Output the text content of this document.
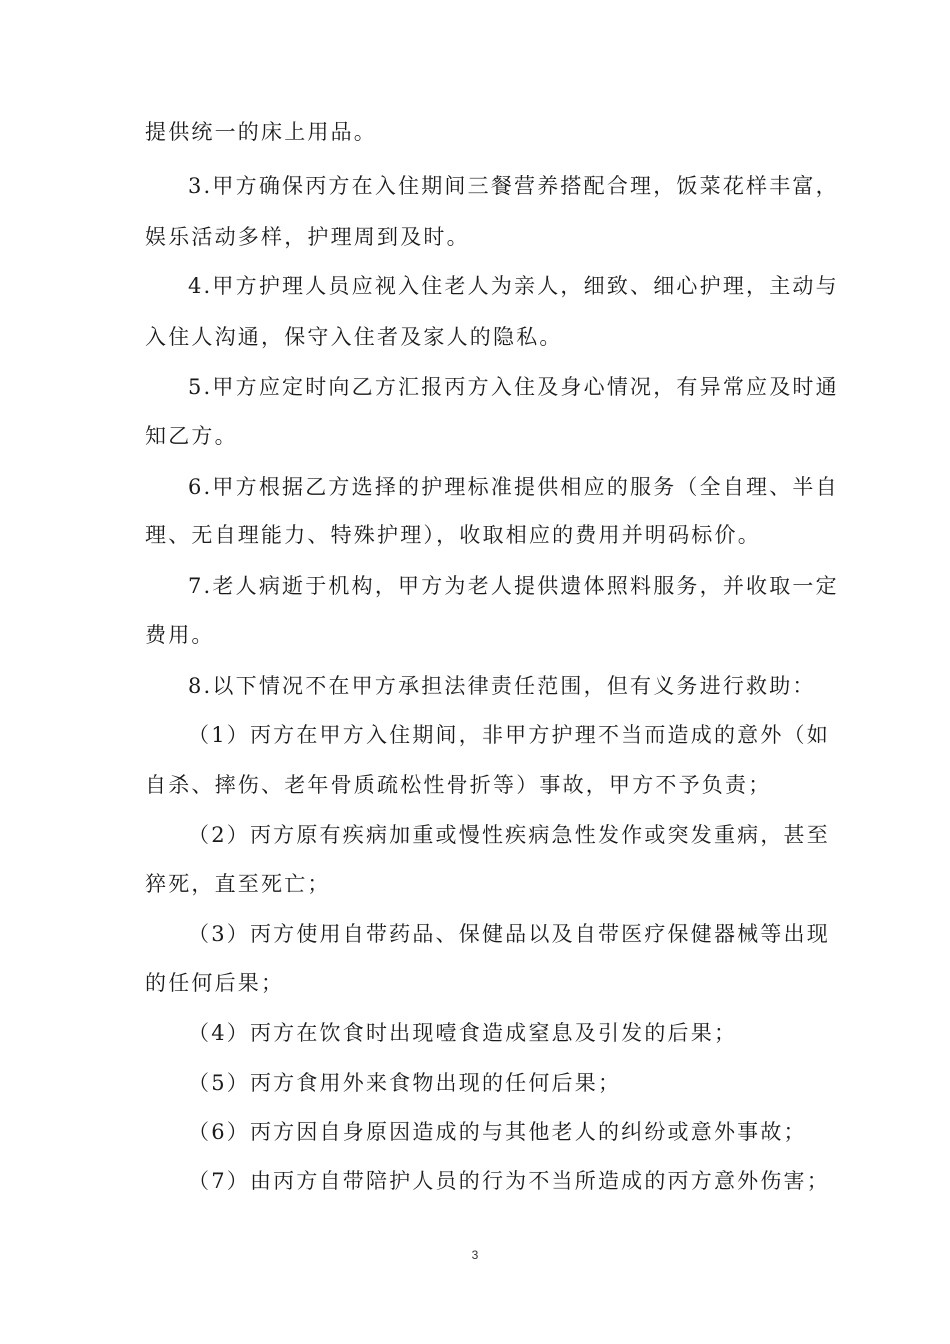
提供统一的床上用品。
3.甲方确保丙方在入住期间三餐营养搭配合理，饭菜花样丰富，
娱乐活动多样，护理周到及时。
4.甲方护理人员应视入住老人为亲人，细致、细心护理，主动与
入住人沟通，保守入住者及家人的隐私。
5.甲方应定时向乙方汇报丙方入住及身心情况，有异常应及时通
知乙方。
6.甲方根据乙方选择的护理标准提供相应的服务（全自理、半自
理、无自理能力、特殊护理），收取相应的费用并明码标价。
7.老人病逝于机构，甲方为老人提供遗体照料服务，并收取一定
费用。
8.以下情况不在甲方承担法律责任范围，但有义务进行救助：
（1）丙方在甲方入住期间，非甲方护理不当而造成的意外（如
自杀、摔伤、老年骨质疏松性骨折等）事故，甲方不予负责；
（2）丙方原有疾病加重或慢性疾病急性发作或突发重病，甚至
猝死，直至死亡；
（3）丙方使用自带药品、保健品以及自带医疗保健器械等出现
的任何后果；
（4）丙方在饮食时出现噎食造成窒息及引发的后果；
（5）丙方食用外来食物出现的任何后果；
（6）丙方因自身原因造成的与其他老人的纠纷或意外事故；
（7）由丙方自带陪护人员的行为不当所造成的丙方意外伤害；
3
